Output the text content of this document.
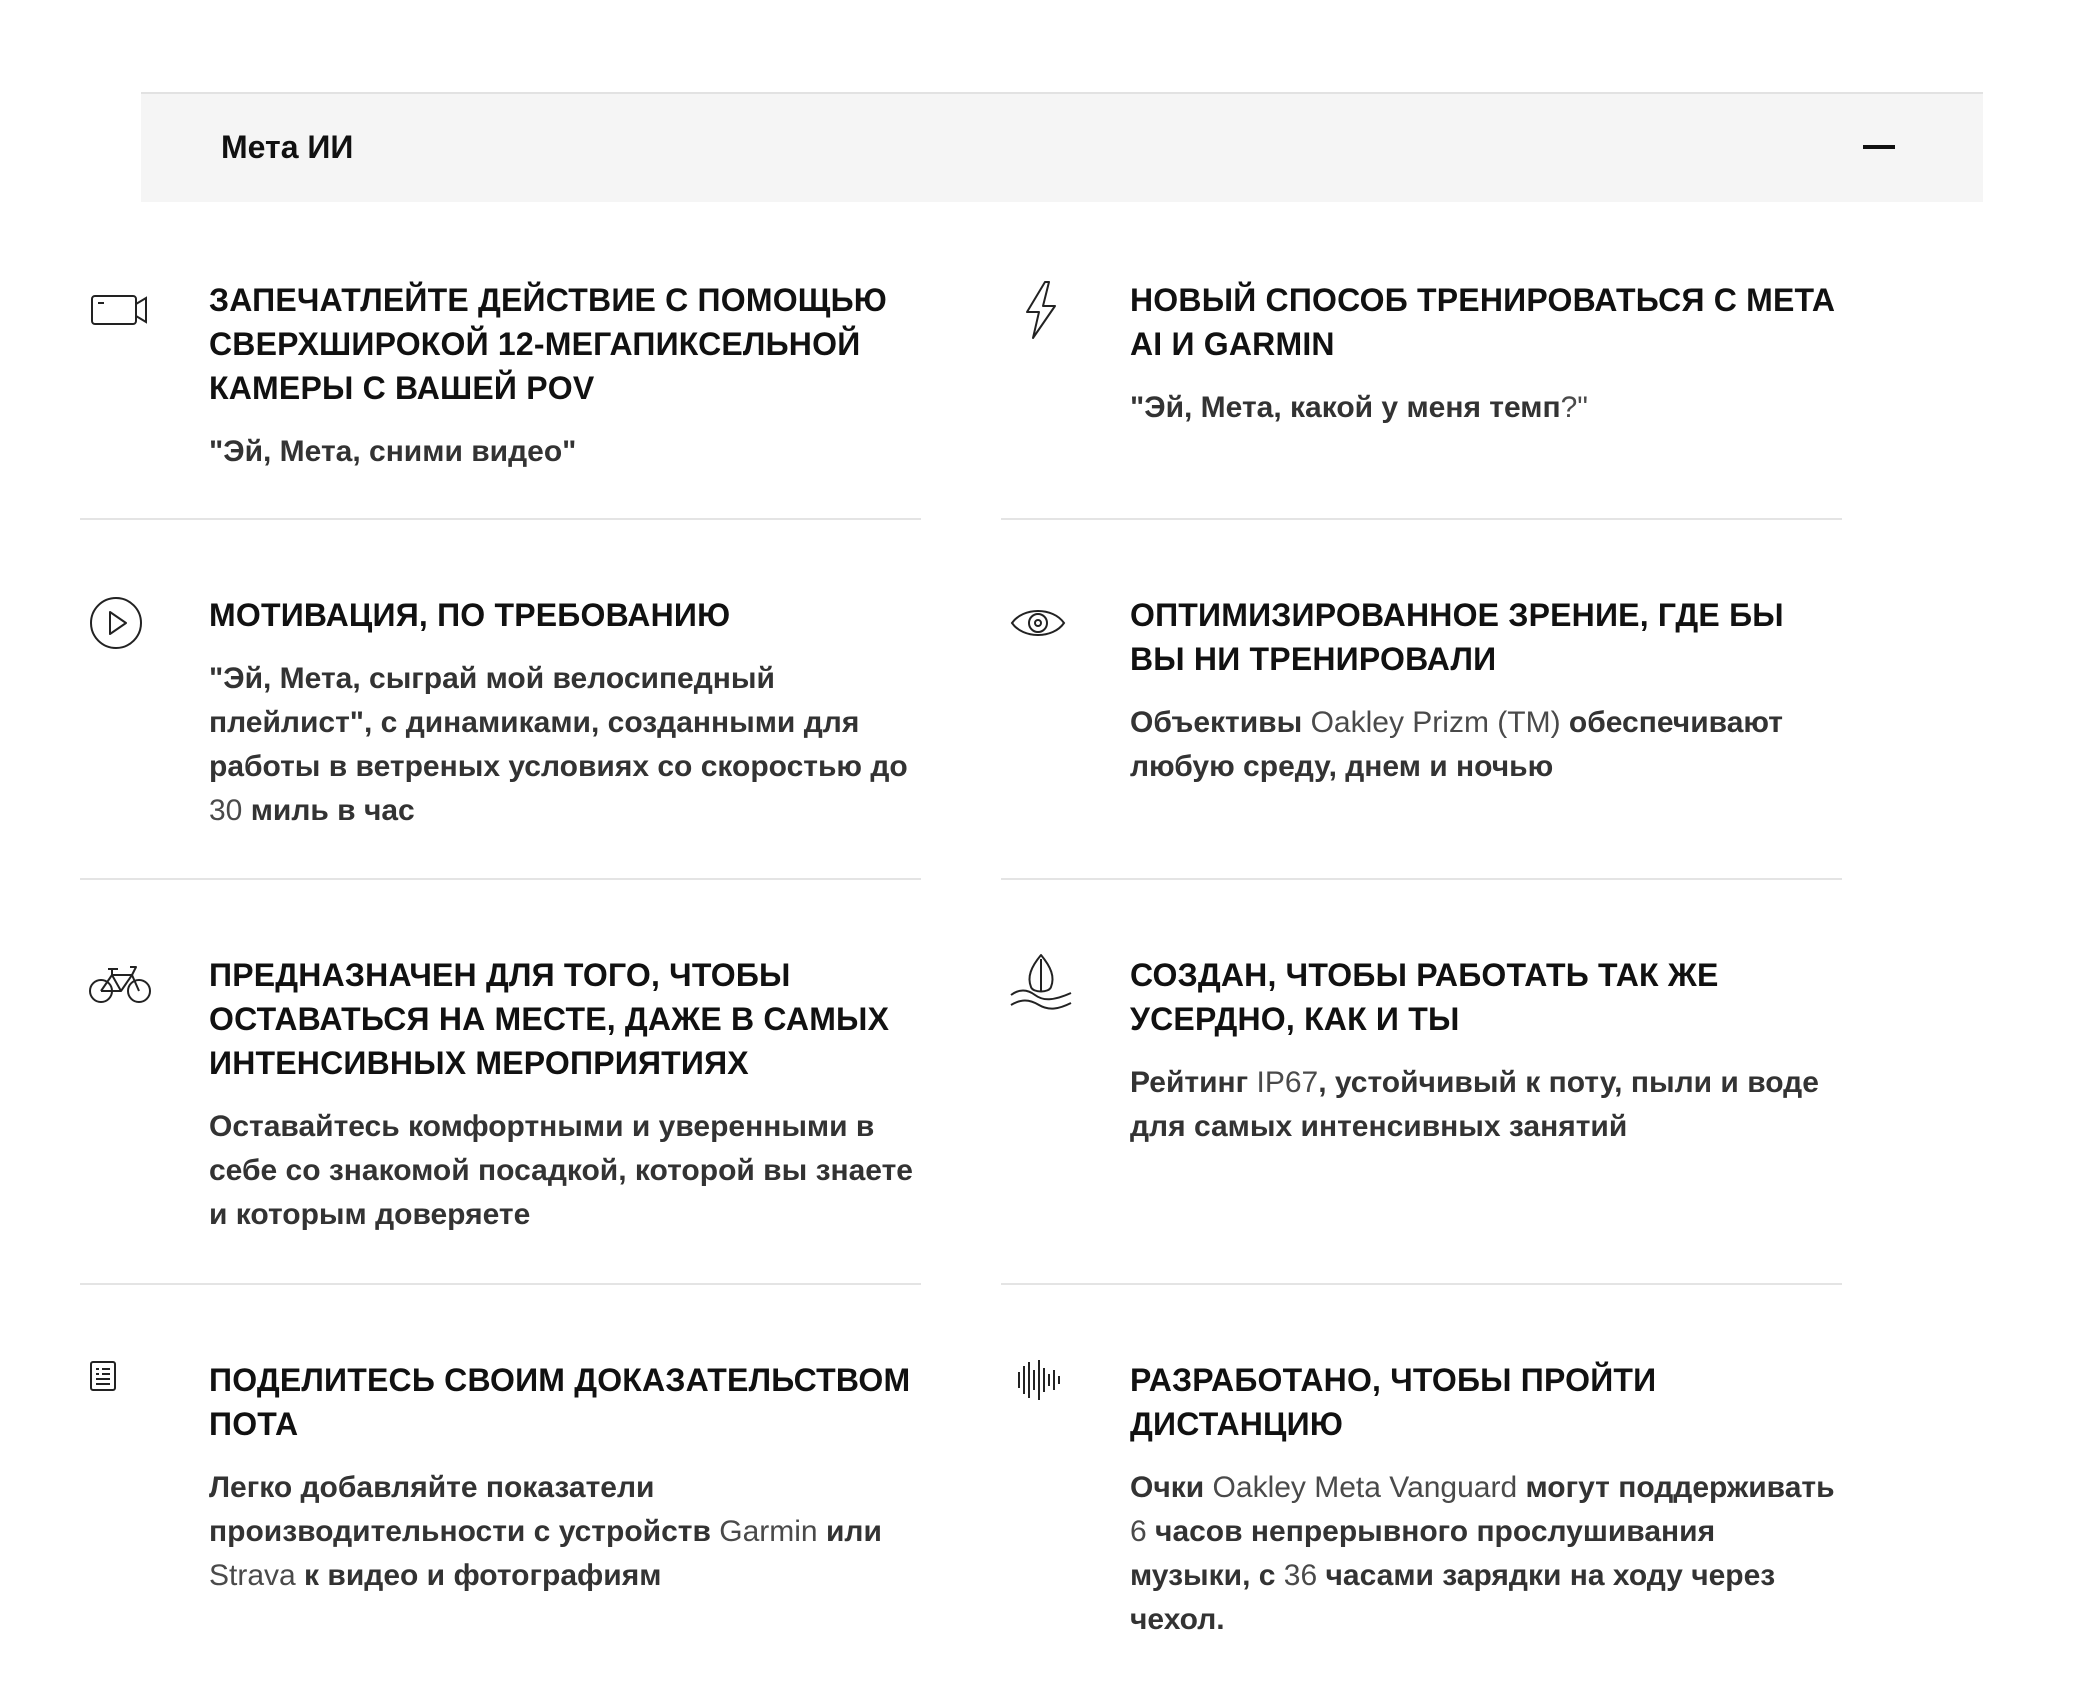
Мета ИИ
ЗАПЕЧАТЛЕЙТЕ ДЕЙСТВИЕ С ПОМОЩЬЮ СВЕРХШИРОКОЙ 12-МЕГАПИКСЕЛЬНОЙ КАМЕРЫ С ВАШЕЙ POV

"Эй, Мета, сними видео"

НОВЫЙ СПОСОБ ТРЕНИРОВАТЬСЯ С META AI И GARMIN

"Эй, Мета, какой у меня темп?"

МОТИВАЦИЯ, ПО ТРЕБОВАНИЮ

"Эй, Мета, сыграй мой велосипедный плейлист", с динамиками, созданными для работы в ветреных условиях со скоростью до 30 миль в час

ОПТИМИЗИРОВАННОЕ ЗРЕНИЕ, ГДЕ БЫ ВЫ НИ ТРЕНИРОВАЛИ

Объективы Oakley Prizm (TM) обеспечивают любую среду, днем и ночью

ПРЕДНАЗНАЧЕН ДЛЯ ТОГО, ЧТОБЫ ОСТАВАТЬСЯ НА МЕСТЕ, ДАЖЕ В САМЫХ ИНТЕНСИВНЫХ МЕРОПРИЯТИЯХ

Оставайтесь комфортными и уверенными в себе со знакомой посадкой, которой вы знаете и которым доверяете

СОЗДАН, ЧТОБЫ РАБОТАТЬ ТАК ЖЕ УСЕРДНО, КАК И ТЫ

Рейтинг IP67, устойчивый к поту, пыли и воде для самых интенсивных занятий

ПОДЕЛИТЕСЬ СВОИМ ДОКАЗАТЕЛЬСТВОМ ПОТА

Легко добавляйте показатели производительности с устройств Garmin или Strava к видео и фотографиям

РАЗРАБОТАНО, ЧТОБЫ ПРОЙТИ ДИСТАНЦИЮ

Очки Oakley Meta Vanguard могут поддерживать 6 часов непрерывного прослушивания музыки, с 36 часами зарядки на ходу через чехол.
